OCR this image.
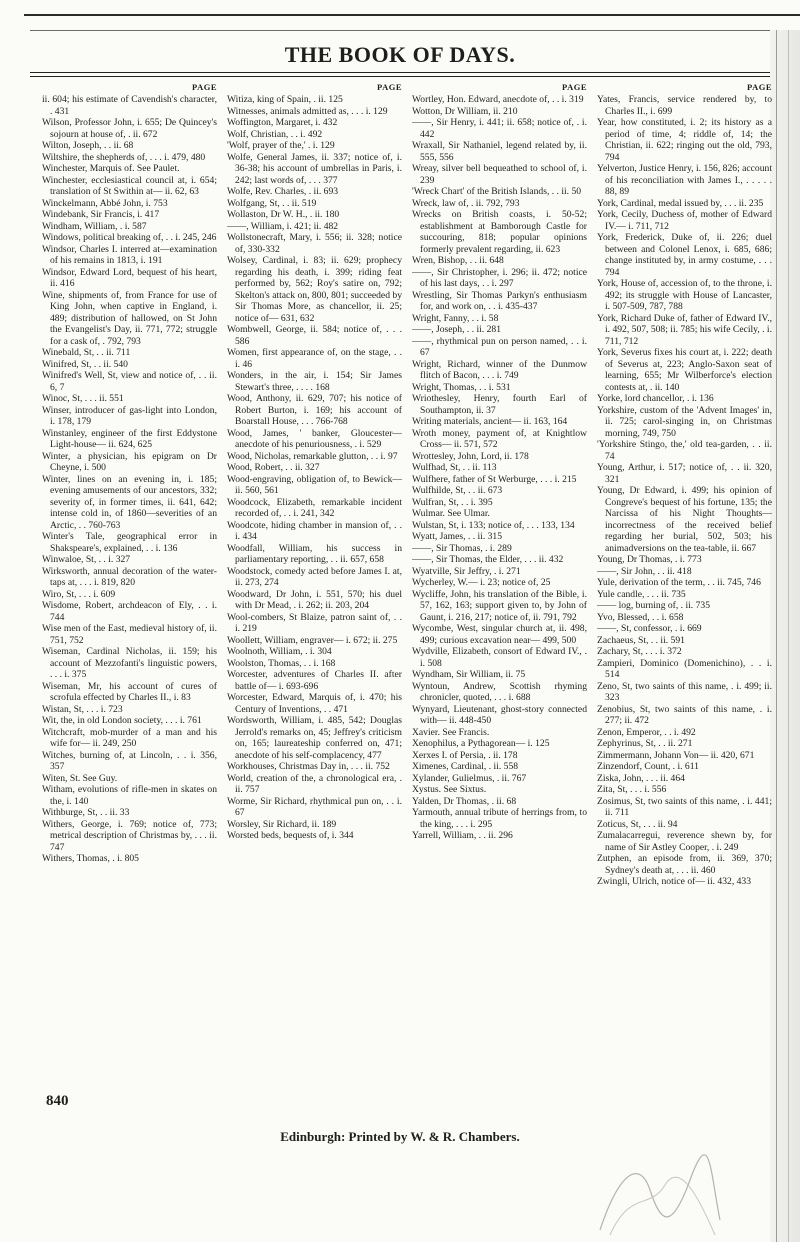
THE BOOK OF DAYS.
PAGE

ii. 604; his estimate of Cavendish's character, . 431

Wilson, Professor John, i. 655; De Quincey's sojourn at house of, . ii. 672

Wilton, Joseph, . . ii. 68

Wiltshire, the shepherds of, . . . i. 479, 480

Winchester, Marquis of. See Paulet.

Winchester, ecclesiastical council at, i. 654; translation of St Swithin at— ii. 62, 63

Winckelmann, Abbé John, i. 753

Windebank, Sir Francis, i. 417

Windham, William, . i. 587

Windows, political breaking of, . . i. 245, 246

Windsor, Charles I. interred at—examination of his remains in 1813, i. 191

Windsor, Edward Lord, bequest of his heart, ii. 416

Wine, shipments of, from France for use of King John, when captive in England, i. 489; distribution of hallowed, on St John the Evangelist's Day, ii. 771, 772; struggle for a cask of, . 792, 793

Winebald, St, . . ii. 711

Winifred, St, . . ii. 540

Winifred's Well, St, view and notice of, . . ii. 6, 7

Winoc, St, . . . ii. 551

Winser, introducer of gas-light into London, i. 178, 179

Winstanley, engineer of the first Eddystone Light-house— ii. 624, 625

Winter, a physician, his epigram on Dr Cheyne, i. 500

Winter, lines on an evening in, i. 185; evening amusements of our ancestors, 332; severity of, in former times, ii. 641, 642; intense cold in, of 1860—severities of an Arctic, . . 760-763

Winter's Tale, geographical error in Shakspeare's, explained, . . i. 136

Winwaloe, St, . . i. 327

Wirksworth, annual decoration of the water-taps at, . . . i. 819, 820

Wiro, St, . . . i. 609

Wisdome, Robert, archdeacon of Ely, . . i. 744

Wise men of the East, medieval history of, ii. 751, 752

Wiseman, Cardinal Nicholas, ii. 159; his account of Mezzofanti's linguistic powers, . . . i. 375

Wiseman, Mr, his account of cures of scrofula effected by Charles II., i. 83

Wistan, St, . . . i. 723

Wit, the, in old London society, . . . i. 761

Witchcraft, mob-murder of a man and his wife for— ii. 249, 250

Witches, burning of, at Lincoln, . . i. 356, 357

Witen, St. See Guy.

Witham, evolutions of rifle-men in skates on the, i. 140

Withburge, St, . . ii. 33

Withers, George, i. 769; notice of, 773; metrical description of Christmas by, . . . ii. 747

Withers, Thomas, . i. 805

PAGE

Witiza, king of Spain, . ii. 125

Witnesses, animals admitted as, . . . i. 129

Woffington, Margaret, i. 432

Wolf, Christian, . . i. 492

'Wolf, prayer of the,' . i. 129

Wolfe, General James, ii. 337; notice of, i. 36-38; his account of umbrellas in Paris, i. 242; last words of, . . . 377

Wolfe, Rev. Charles, . ii. 693

Wolfgang, St, . . ii. 519

Wollaston, Dr W. H., . ii. 180

——, William, i. 421; ii. 482

Wollstonecraft, Mary, i. 556; ii. 328; notice of, 330-332

Wolsey, Cardinal, i. 83; ii. 629; prophecy regarding his death, i. 399; riding feat performed by, 562; Roy's satire on, 792; Skelton's attack on, 800, 801; succeeded by Sir Thomas More, as chancellor, ii. 25; notice of— 631, 632

Wombwell, George, ii. 584; notice of, . . . 586

Women, first appearance of, on the stage, . . i. 46

Wonders, in the air, i. 154; Sir James Stewart's three, . . . . 168

Wood, Anthony, ii. 629, 707; his notice of Robert Burton, i. 169; his account of Boarstall House, . . . 766-768

Wood, James, ' banker, Gloucester—anecdote of his penuriousness, . i. 529

Wood, Nicholas, remarkable glutton, . . i. 97

Wood, Robert, . . ii. 327

Wood-engraving, obligation of, to Bewick— ii. 560, 561

Woodcock, Elizabeth, remarkable incident recorded of, . . i. 241, 342

Woodcote, hiding chamber in mansion of, . . i. 434

Woodfall, William, his success in parliamentary reporting, . . ii. 657, 658

Woodstock, comedy acted before James I. at, ii. 273, 274

Woodward, Dr John, i. 551, 570; his duel with Dr Mead, . i. 262; ii. 203, 204

Wool-combers, St Blaize, patron saint of, . . i. 219

Woollett, William, engraver— i. 672; ii. 275

Woolnoth, William, . i. 304

Woolston, Thomas, . . i. 168

Worcester, adventures of Charles II. after battle of— i. 693-696

Worcester, Edward, Marquis of, i. 470; his Century of Inventions, . . 471

Wordsworth, William, i. 485, 542; Douglas Jerrold's remarks on, 45; Jeffrey's criticism on, 165; laureateship conferred on, 471; anecdote of his self-complacency, 477

Workhouses, Christmas Day in, . . . ii. 752

World, creation of the, a chronological era, . ii. 757

Worme, Sir Richard, rhythmical pun on, . . i. 67

Worsley, Sir Richard, ii. 189

Worsted beds, bequests of, i. 344

PAGE

Wortley, Hon. Edward, anecdote of, . . i. 319

Wotton, Dr William, ii. 210

——, Sir Henry, i. 441; ii. 658; notice of, . i. 442

Wraxall, Sir Nathaniel, legend related by, ii. 555, 556

Wreay, silver bell bequeathed to school of, i. 239

'Wreck Chart' of the British Islands, . . ii. 50

Wreck, law of, . ii. 792, 793

Wrecks on British coasts, i. 50-52; establishment at Bamborough Castle for succouring, 818; popular opinions formerly prevalent regarding, ii. 623

Wren, Bishop, . . ii. 648

——, Sir Christopher, i. 296; ii. 472; notice of his last days, . . i. 297

Wrestling, Sir Thomas Parkyn's enthusiasm for, and work on, . . i. 435-437

Wright, Fanny, . . i. 58

——, Joseph, . . ii. 281

——, rhythmical pun on person named, . . i. 67

Wright, Richard, winner of the Dunmow flitch of Bacon, . . . i. 749

Wright, Thomas, . . i. 531

Wriothesley, Henry, fourth Earl of Southampton, ii. 37

Writing materials, ancient— ii. 163, 164

Wroth money, payment of, at Knightlow Cross— ii. 571, 572

Wrottesley, John, Lord, ii. 178

Wulfhad, St, . . ii. 113

Wulfhere, father of St Werburge, . . . i. 215

Wulfhilde, St, . . ii. 673

Wulfran, St, . . i. 395

Wulmar. See Ulmar.

Wulstan, St, i. 133; notice of, . . . 133, 134

Wyatt, James, . . ii. 315

——, Sir Thomas, . i. 289

——, Sir Thomas, the Elder, . . . ii. 432

Wyatville, Sir Jeffry, . i. 271

Wycherley, W.— i. 23; notice of, 25

Wycliffe, John, his translation of the Bible, i. 57, 162, 163; support given to, by John of Gaunt, i. 216, 217; notice of, ii. 791, 792

Wycombe, West, singular church at, ii. 498, 499; curious excavation near— 499, 500

Wydville, Elizabeth, consort of Edward IV., . i. 508

Wyndham, Sir William, ii. 75

Wyntoun, Andrew, Scottish rhyming chronicler, quoted, . . . i. 688

Wynyard, Lieutenant, ghost-story connected with— ii. 448-450

Xavier. See Francis.

Xenophilus, a Pythagorean— i. 125

Xerxes I. of Persia, . ii. 178

Ximenes, Cardinal, . ii. 558

Xylander, Gulielmus, . ii. 767

Xystus. See Sixtus.

Yalden, Dr Thomas, . ii. 68

Yarmouth, annual tribute of herrings from, to the king, . . . i. 295

Yarrell, William, . . ii. 296

PAGE

Yates, Francis, service rendered by, to Charles II., i. 699

Year, how constituted, i. 2; its history as a period of time, 4; riddle of, 14; the Christian, ii. 622; ringing out the old, 793, 794

Yelverton, Justice Henry, i. 156, 826; account of his reconciliation with James I., . . . . . 88, 89

York, Cardinal, medal issued by, . . . ii. 235

York, Cecily, Duchess of, mother of Edward IV.— i. 711, 712

York, Frederick, Duke of, ii. 226; duel between and Colonel Lenox, i. 685, 686; change instituted by, in army costume, . . . 794

York, House of, accession of, to the throne, i. 492; its struggle with House of Lancaster, i. 507-509, 787, 788

York, Richard Duke of, father of Edward IV., i. 492, 507, 508; ii. 785; his wife Cecily, . i. 711, 712

York, Severus fixes his court at, i. 222; death of Severus at, 223; Anglo-Saxon seat of learning, 655; Mr Wilberforce's election contests at, . ii. 140

Yorke, lord chancellor, . i. 136

Yorkshire, custom of the 'Advent Images' in, ii. 725; carol-singing in, on Christmas morning, 749, 750

'Yorkshire Stingo, the,' old tea-garden, . . ii. 74

Young, Arthur, i. 517; notice of, . . ii. 320, 321

Young, Dr Edward, i. 499; his opinion of Congreve's bequest of his fortune, 135; the Narcissa of his Night Thoughts—incorrectness of the received belief regarding her burial, 502, 503; his animadversions on the tea-table, ii. 667

Young, Dr Thomas, . i. 773

——, Sir John, . . ii. 418

Yule, derivation of the term, . . ii. 745, 746

Yule candle, . . . ii. 735

—— log, burning of, . ii. 735

Yvo, Blessed, . . i. 658

——, St, confessor, . i. 669

Zachaeus, St, . . ii. 591

Zachary, St, . . . i. 372

Zampieri, Dominico (Domenichino), . . i. 514

Zeno, St, two saints of this name, . i. 499; ii. 323

Zenobius, St, two saints of this name, . i. 277; ii. 472

Zenon, Emperor, . . i. 492

Zephyrinus, St, . . ii. 271

Zimmermann, Johann Von— ii. 420, 671

Zinzendorf, Count, . i. 611

Ziska, John, . . . ii. 464

Zita, St, . . . i. 556

Zosimus, St, two saints of this name, . i. 441; ii. 711

Zoticus, St, . . . ii. 94

Zumalacarregui, reverence shewn by, for name of Sir Astley Cooper, . i. 249

Zutphen, an episode from, ii. 369, 370; Sydney's death at, . . . ii. 460

Zwingli, Ulrich, notice of— ii. 432, 433

840
Edinburgh: Printed by W. & R. Chambers.
